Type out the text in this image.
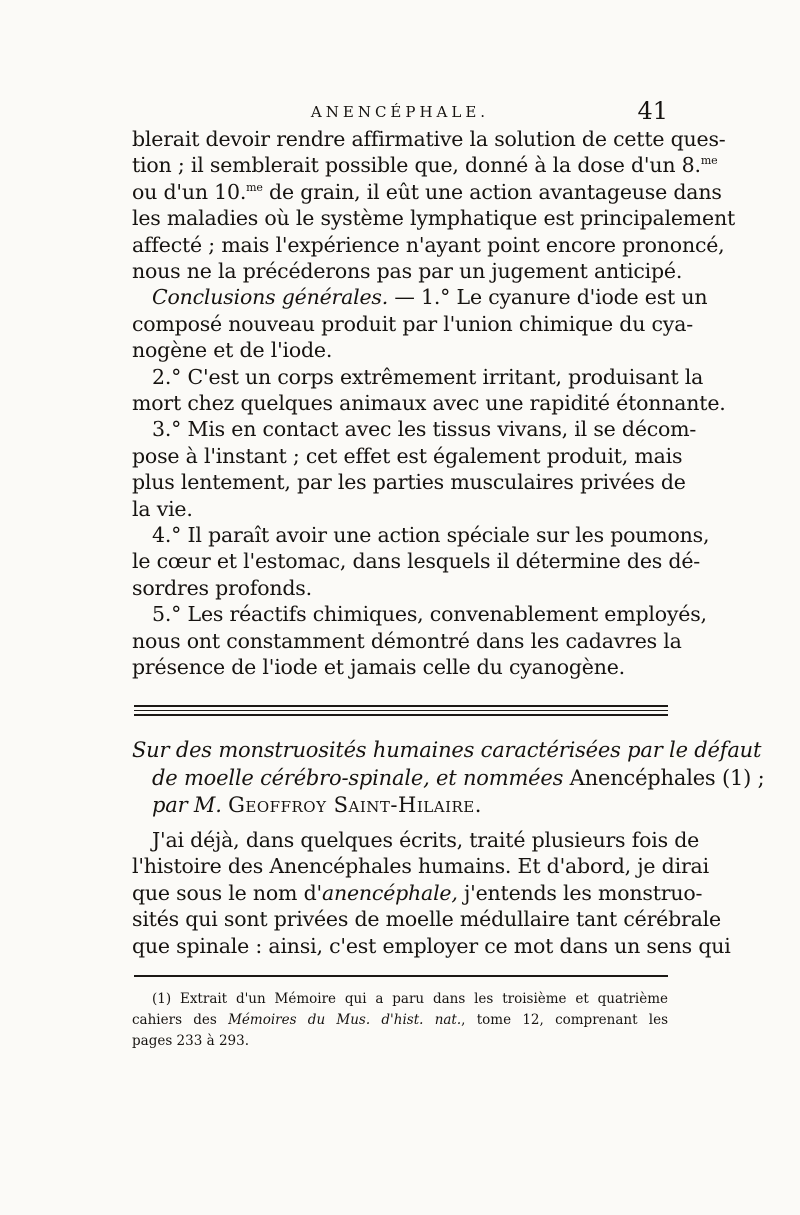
ANENCÉPHALE.	41
blerait devoir rendre affirmative la solution de cette ques-
tion ; il semblerait possible que, donné à la dose d'un 8.$^{me}$
ou d'un 10.$^{me}$ de grain, il eût une action avantageuse dans
les maladies où le système lymphatique est principalement
affecté ; mais l'expérience n'ayant point encore prononcé,
nous ne la précéderons pas par un jugement anticipé.
Conclusions générales. — 1.° Le cyanure d'iode est un
composé nouveau produit par l'union chimique du cya-
nogène et de l'iode.
2.° C'est un corps extrêmement irritant, produisant la
mort chez quelques animaux avec une rapidité étonnante.
3.° Mis en contact avec les tissus vivans, il se décom-
pose à l'instant ; cet effet est également produit, mais
plus lentement, par les parties musculaires privées de
la vie.
4.° Il paraît avoir une action spéciale sur les poumons,
le cœur et l'estomac, dans lesquels il détermine des dé-
sordres profonds.
5.° Les réactifs chimiques, convenablement employés,
nous ont constamment démontré dans les cadavres la
présence de l'iode et jamais celle du cyanogène.
Sur des monstruosités humaines caractérisées par le défaut
de moelle cérébro-spinale, et nommées Anencéphales (1) ;
par M. Geoffroy Saint-Hilaire.
J'ai déjà, dans quelques écrits, traité plusieurs fois de
l'histoire des Anencéphales humains. Et d'abord, je dirai
que sous le nom d'anencéphale, j'entends les monstruo-
sités qui sont privées de moelle médullaire tant cérébrale
que spinale : ainsi, c'est employer ce mot dans un sens qui
(1) Extrait d'un Mémoire qui a paru dans les troisième et quatrième
cahiers des Mémoires du Mus. d'hist. nat., tome 12, comprenant les
pages 233 à 293.
